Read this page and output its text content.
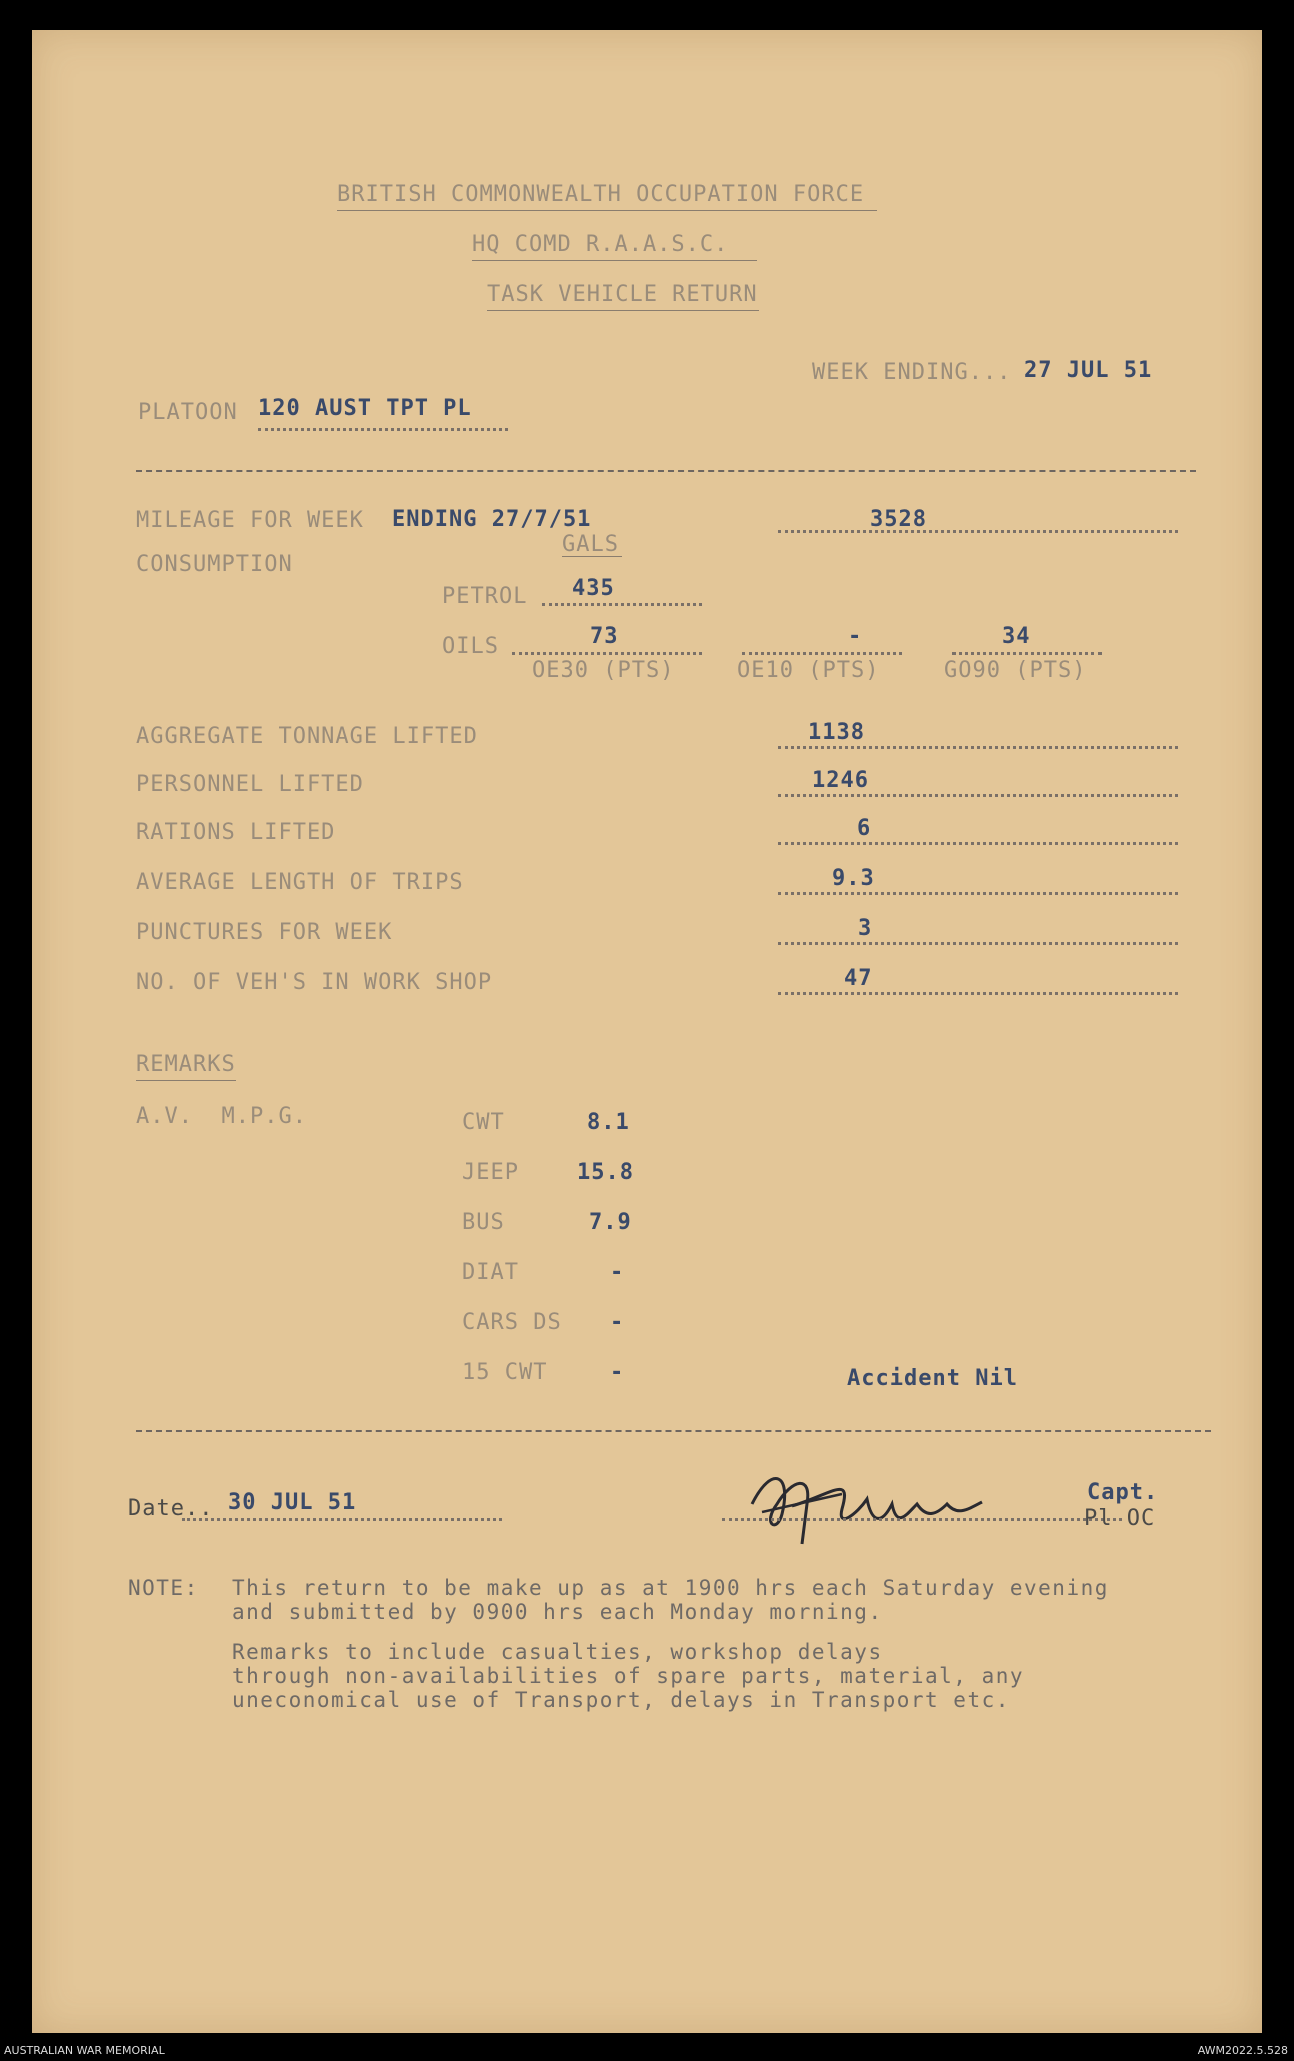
BRITISH COMMONWEALTH OCCUPATION FORCE
HQ COMD R.A.A.S.C.
TASK VEHICLE RETURN
WEEK ENDING... 27 JUL 51
PLATOON 120 AUST TPT PL
MILEAGE FOR WEEK ENDING 27/7/51	3528
GALS
CONSUMPTION
PETROL 435
OILS	73	-	34
OE30 (PTS)	OE10 (PTS)	GO90 (PTS)
AGGREGATE TONNAGE LIFTED	1138
PERSONNEL LIFTED	1246
RATIONS LIFTED	6
AVERAGE LENGTH OF TRIPS	9.3
PUNCTURES FOR WEEK	3
NO. OF VEH'S IN WORK SHOP	47
REMARKS
A.V.  M.P.G.	CWT	8.1
JEEP	15.8
BUS	7.9
DIAT	-
CARS DS -
15 CWT	-	Accident Nil
Date.. 30 JUL 51	Capt.
Pl OC
NOTE: This return to be make up as at 1900 hrs each Saturday evening
and submitted by 0900 hrs each Monday morning.
Remarks to include casualties, workshop delays
through non-availabilities of spare parts, material, any
uneconomical use of Transport, delays in Transport etc.
AUSTRALIAN WAR MEMORIAL	AWM2022.5.528
